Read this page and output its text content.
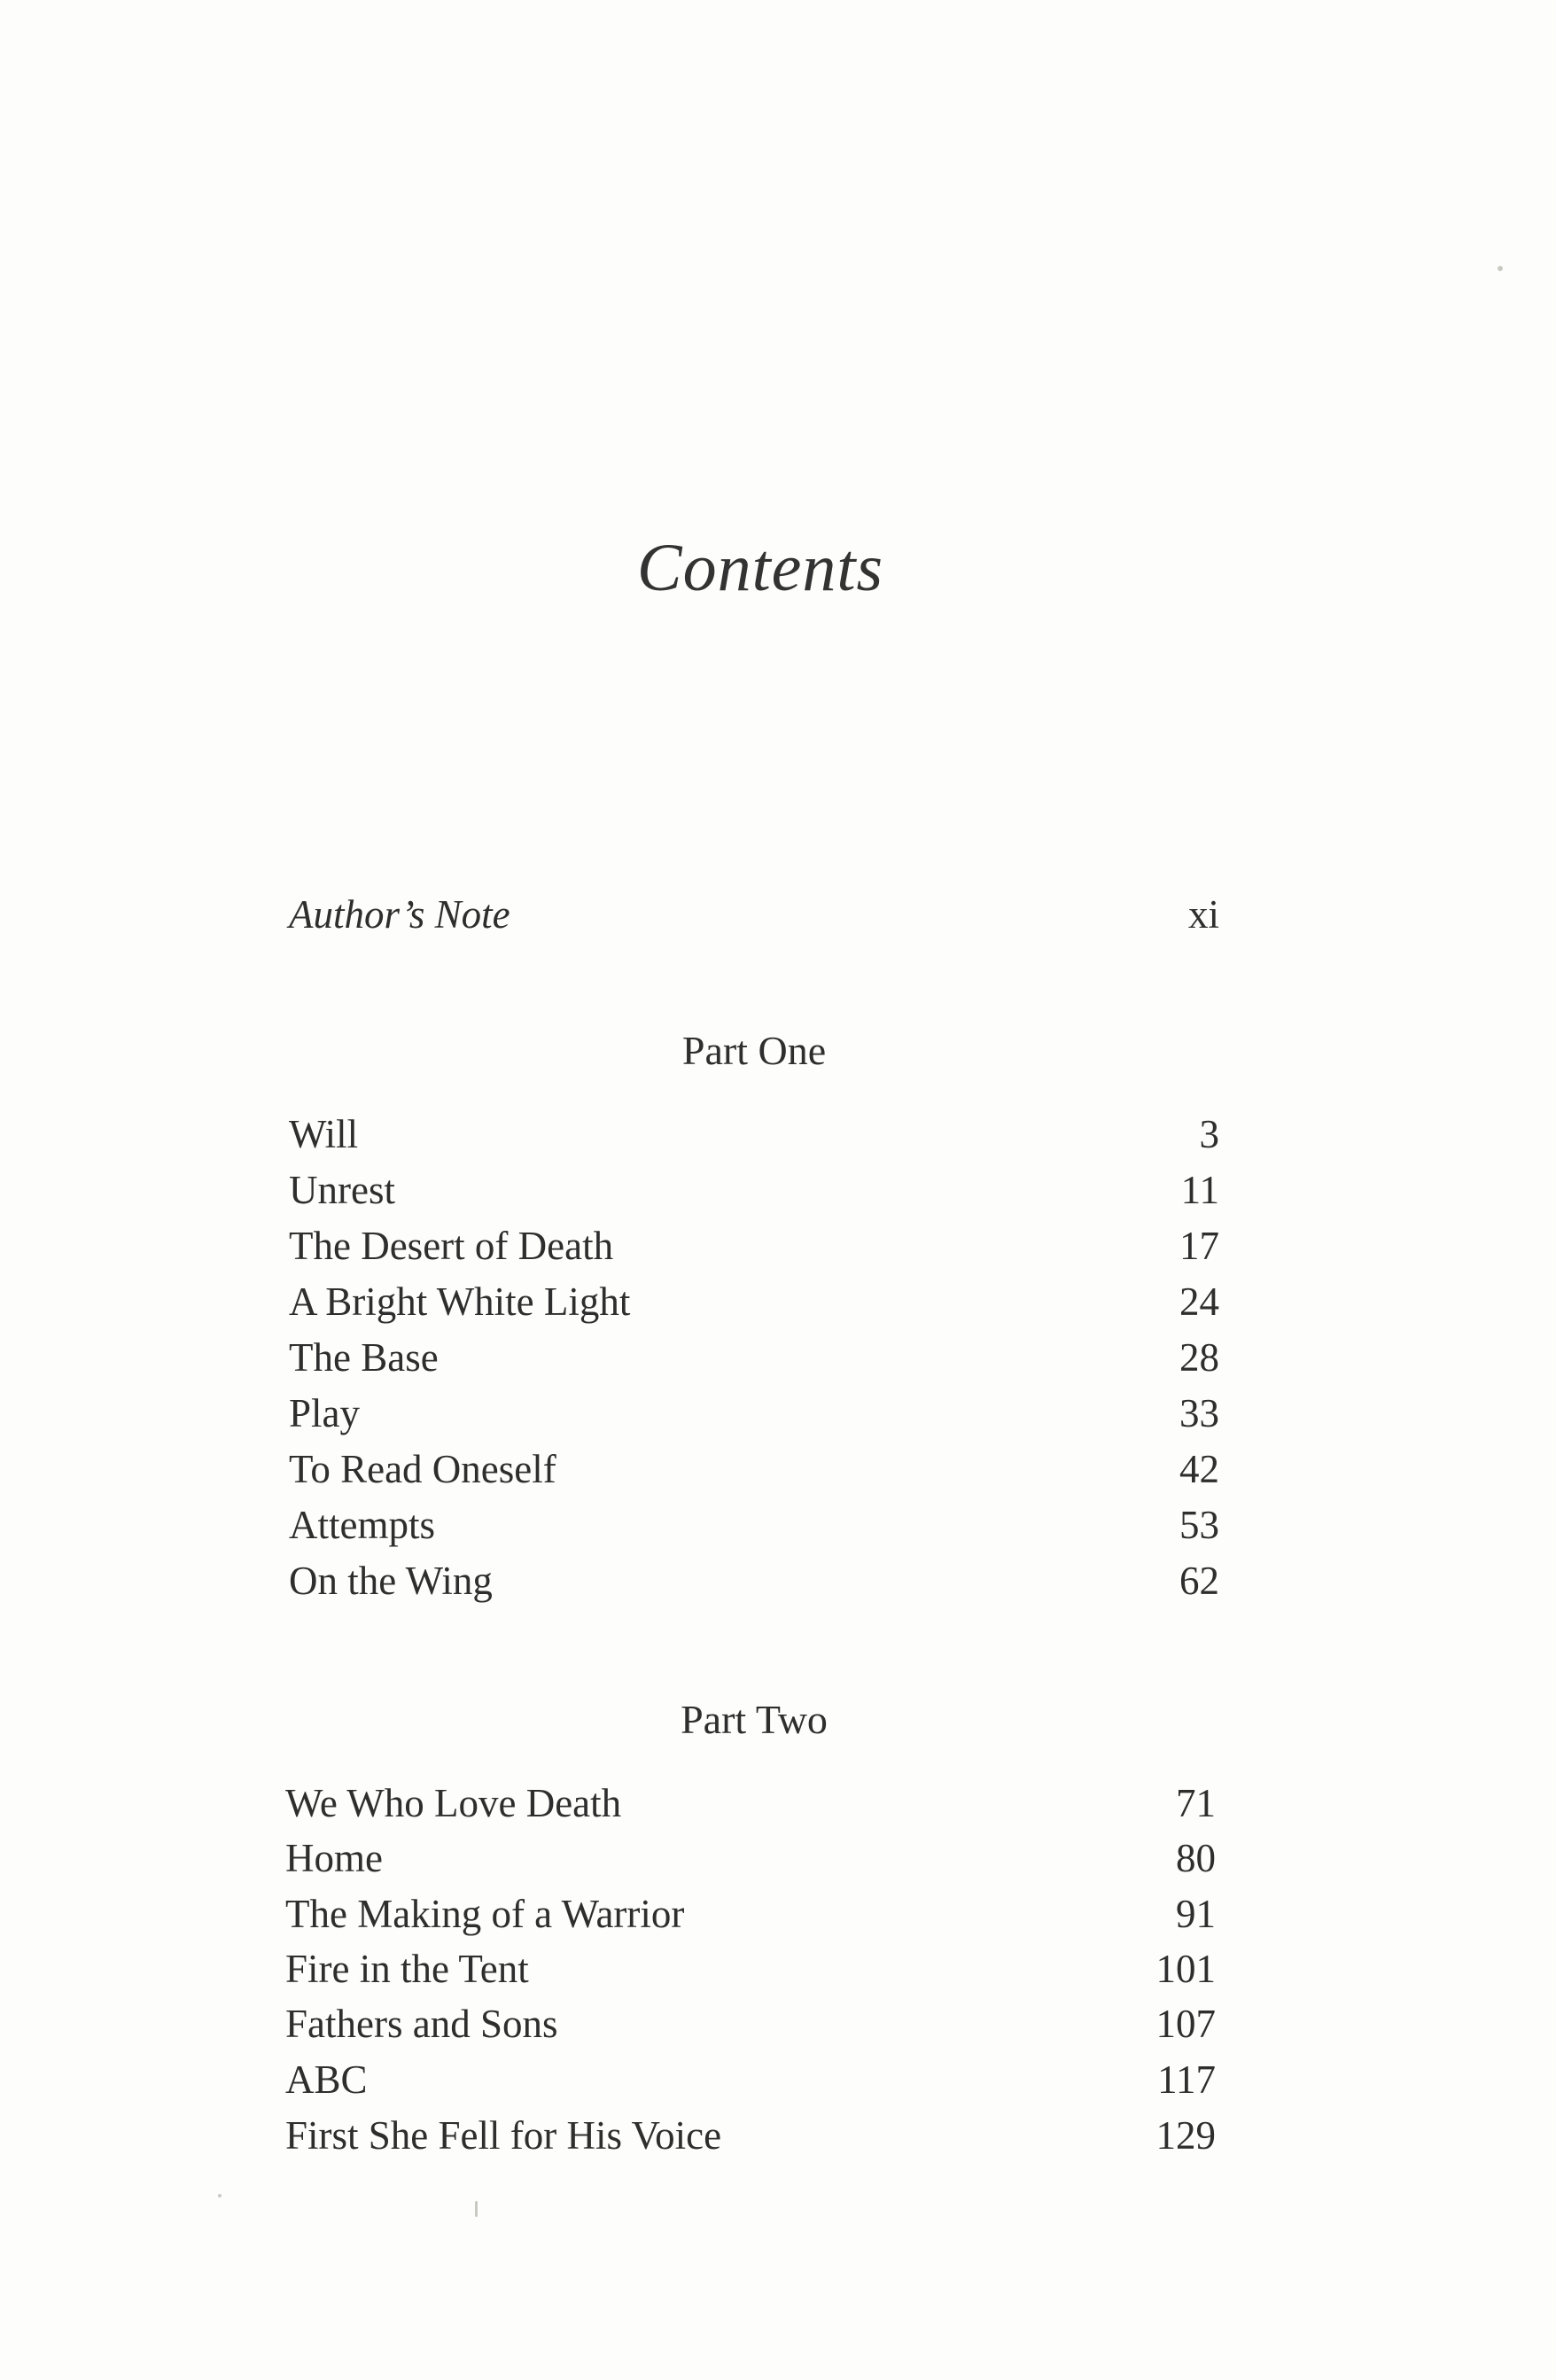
Contents
Author’s Note	xi
Part One
Will	3
Unrest	11
The Desert of Death	17
A Bright White Light	24
The Base	28
Play	33
To Read Oneself	42
Attempts	53
On the Wing	62
Part Two
We Who Love Death	71
Home	80
The Making of a Warrior	91
Fire in the Tent	101
Fathers and Sons	107
ABC	117
First She Fell for His Voice	129
